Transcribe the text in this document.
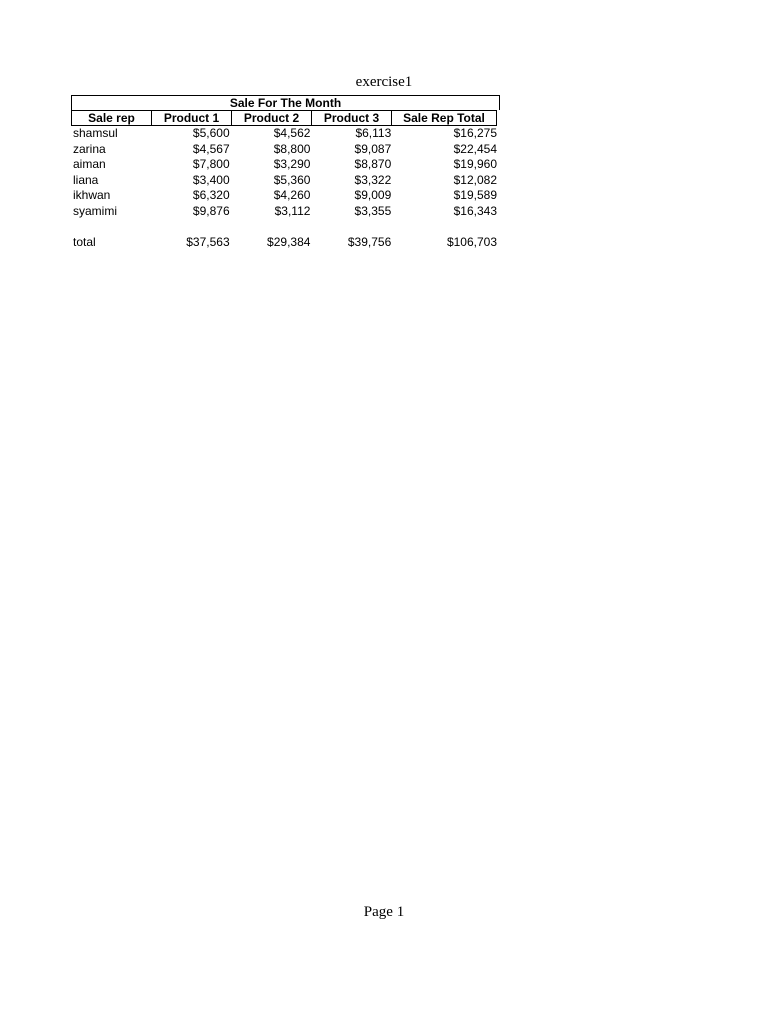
exercise1
Sale For The Month
Sale rep	Product 1	Product 2	Product 3	Sale Rep Total
shamsul	$5,600	$4,562	$6,113	$16,275
zarina	$4,567	$8,800	$9,087	$22,454
aiman	$7,800	$3,290	$8,870	$19,960
liana	$3,400	$5,360	$3,322	$12,082
ikhwan	$6,320	$4,260	$9,009	$19,589
syamimi	$9,876	$3,112	$3,355	$16,343
total	$37,563	$29,384	$39,756	$106,703
Page 1
